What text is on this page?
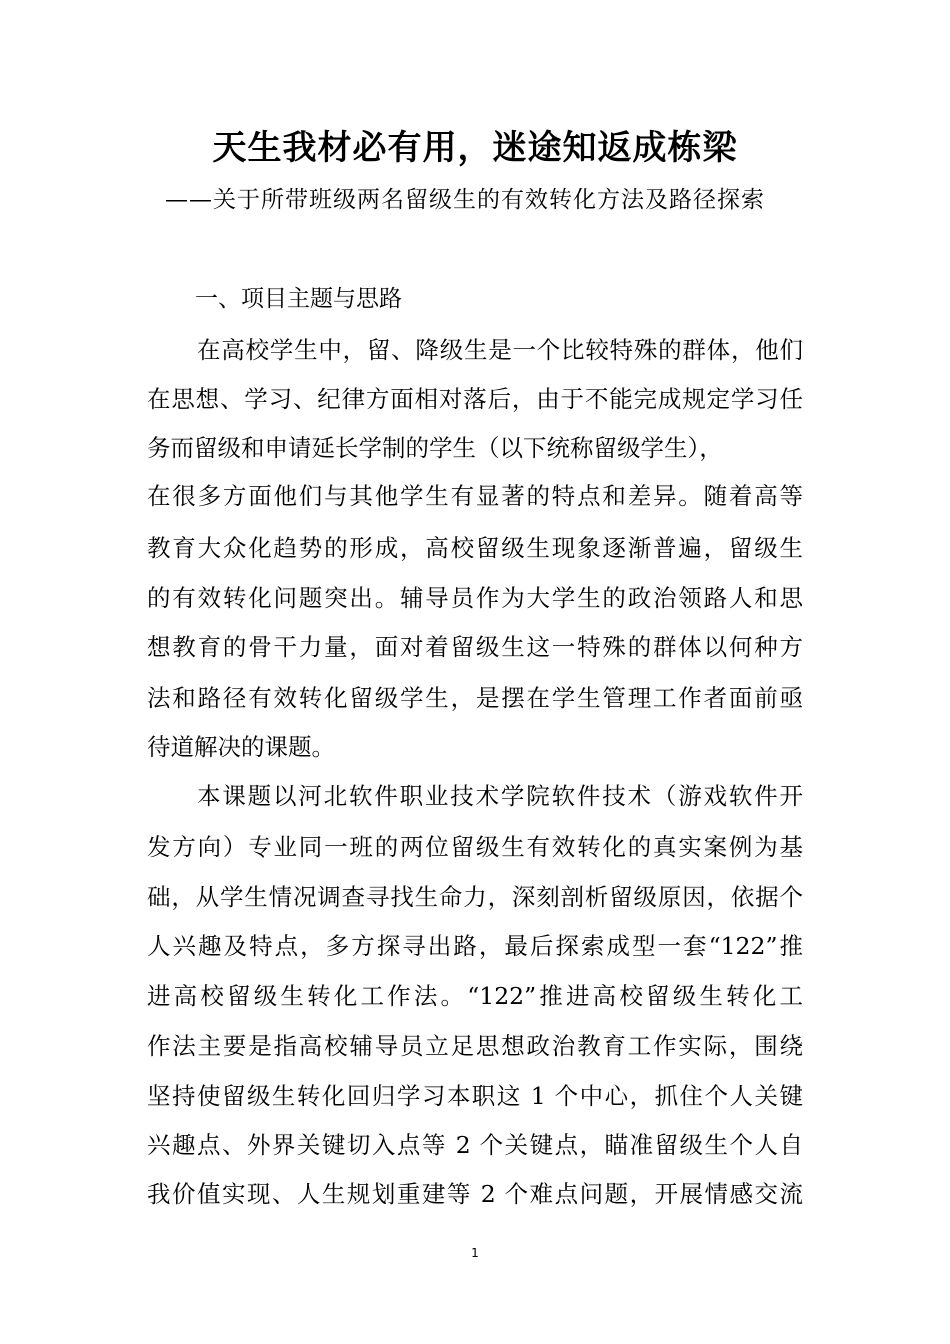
天生我材必有用，迷途知返成栋梁
——关于所带班级两名留级生的有效转化方法及路径探索
一、项目主题与思路
在高校学生中，留、降级生是一个比较特殊的群体，他们
在思想、学习、纪律方面相对落后，由于不能完成规定学习任
务而留级和申请延长学制的学生（以下统称留级学生），
在很多方面他们与其他学生有显著的特点和差异。随着高等
教育大众化趋势的形成，高校留级生现象逐渐普遍，留级生
的有效转化问题突出。辅导员作为大学生的政治领路人和思
想教育的骨干力量，面对着留级生这一特殊的群体以何种方
法和路径有效转化留级学生，是摆在学生管理工作者面前亟
待道解决的课题。
本课题以河北软件职业技术学院软件技术（游戏软件开
发方向）专业同一班的两位留级生有效转化的真实案例为基
础，从学生情况调查寻找生命力，深刻剖析留级原因，依据个
人兴趣及特点，多方探寻出路，最后探索成型一套“122”推
进高校留级生转化工作法。“122”推进高校留级生转化工
作法主要是指高校辅导员立足思想政治教育工作实际，围绕
坚持使留级生转化回归学习本职这 1 个中心，抓住个人关键
兴趣点、外界关键切入点等 2 个关键点，瞄准留级生个人自
我价值实现、人生规划重建等 2 个难点问题，开展情感交流
1
